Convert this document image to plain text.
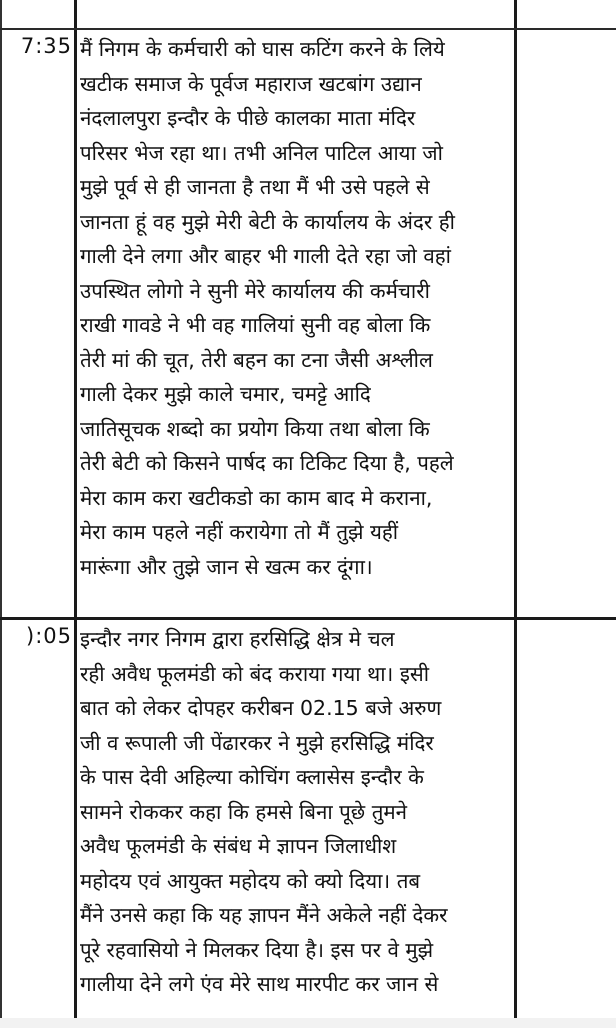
7:35 मैं निगम के कर्मचारी को घास कटिंग करने के लिये
खटीक समाज के पूर्वज महाराज खटबांग उद्यान
नंदलालपुरा इन्दौर के पीछे कालका माता मंदिर
परिसर भेज रहा था। तभी अनिल पाटिल आया जो
मुझे पूर्व से ही जानता है तथा मैं भी उसे पहले से
जानता हूं वह मुझे मेरी बेटी के कार्यालय के अंदर ही
गाली देने लगा और बाहर भी गाली देते रहा जो वहां
उपस्थित लोगो ने सुनी मेरे कार्यालय की कर्मचारी
राखी गावडे ने भी वह गालियां सुनी वह बोला कि
तेरी मां की चूत, तेरी बहन का टना जैसी अश्लील
गाली देकर मुझे काले चमार, चमट्टे आदि
जातिसूचक शब्दो का प्रयोग किया तथा बोला कि
तेरी बेटी को किसने पार्षद का टिकिट दिया है, पहले
मेरा काम करा खटीकडो का काम बाद मे कराना,
मेरा काम पहले नहीं करायेगा तो मैं तुझे यहीं
मारूंगा और तुझे जान से खत्म कर दूंगा।
):05 इन्दौर नगर निगम द्वारा हरसिद्धि क्षेत्र मे चल
रही अवैध फूलमंडी को बंद कराया गया था। इसी
बात को लेकर दोपहर करीबन 02.15 बजे अरुण
जी व रूपाली जी पेंढारकर ने मुझे हरसिद्धि मंदिर
के पास देवी अहिल्या कोचिंग क्लासेस इन्दौर के
सामने रोककर कहा कि हमसे बिना पूछे तुमने
अवैध फूलमंडी के संबंध मे ज्ञापन जिलाधीश
महोदय एवं आयुक्त महोदय को क्यो दिया। तब
मैंने उनसे कहा कि यह ज्ञापन मैंने अकेले नहीं देकर
पूरे रहवासियो ने मिलकर दिया है। इस पर वे मुझे
गालीया देने लगे एंव मेरे साथ मारपीट कर जान से
